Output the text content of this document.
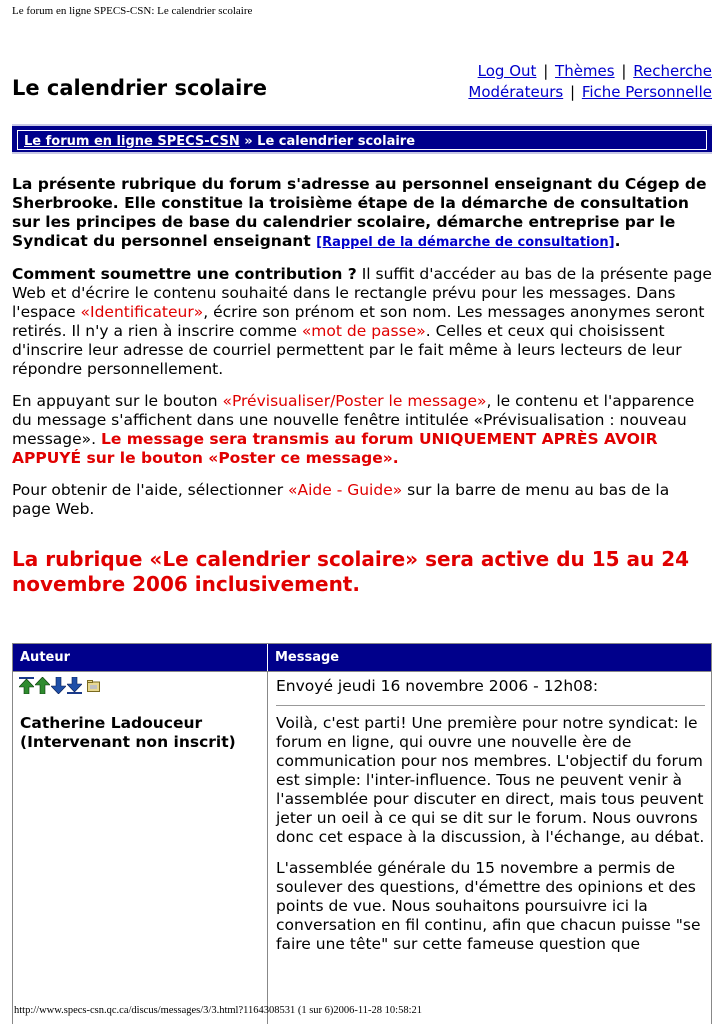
Le forum en ligne SPECS-CSN: Le calendrier scolaire
Le calendrier scolaire
Log Out | Thèmes | Recherche
Modérateurs | Fiche Personnelle
Le forum en ligne SPECS-CSN » Le calendrier scolaire

La présente rubrique du forum s'adresse au personnel enseignant du Cégep de Sherbrooke. Elle constitue la troisième étape de la démarche de consultation sur les principes de base du calendrier scolaire, démarche entreprise par le Syndicat du personnel enseignant [Rappel de la démarche de consultation].

Comment soumettre une contribution ? Il suffit d'accéder au bas de la présente page Web et d'écrire le contenu souhaité dans le rectangle prévu pour les messages. Dans l'espace «Identificateur», écrire son prénom et son nom. Les messages anonymes seront retirés. Il n'y a rien à inscrire comme «mot de passe». Celles et ceux qui choisissent d'inscrire leur adresse de courriel permettent par le fait même à leurs lecteurs de leur répondre personnellement.

En appuyant sur le bouton «Prévisualiser/Poster le message», le contenu et l'apparence du message s'affichent dans une nouvelle fenêtre intitulée «Prévisualisation : nouveau message». Le message sera transmis au forum UNIQUEMENT APRÈS AVOIR APPUYÉ sur le bouton «Poster ce message».

Pour obtenir de l'aide, sélectionner «Aide - Guide» sur la barre de menu au bas de la page Web.

La rubrique «Le calendrier scolaire» sera active du 15 au 24 novembre 2006 inclusivement.

Auteur	Message
Catherine Ladouceur (Intervenant non inscrit)
Envoyé jeudi 16 novembre 2006 - 12h08:

Voilà, c'est parti! Une première pour notre syndicat: le forum en ligne, qui ouvre une nouvelle ère de communication pour nos membres. L'objectif du forum est simple: l'inter-influence. Tous ne peuvent venir à l'assemblée pour discuter en direct, mais tous peuvent jeter un oeil à ce qui se dit sur le forum. Nous ouvrons donc cet espace à la discussion, à l'échange, au débat.

L'assemblée générale du 15 novembre a permis de soulever des questions, d'émettre des opinions et des points de vue. Nous souhaitons poursuivre ici la conversation en fil continu, afin que chacun puisse "se faire une tête" sur cette fameuse question que

http://www.specs-csn.qc.ca/discus/messages/3/3.html?1164308531 (1 sur 6)2006-11-28 10:58:21
